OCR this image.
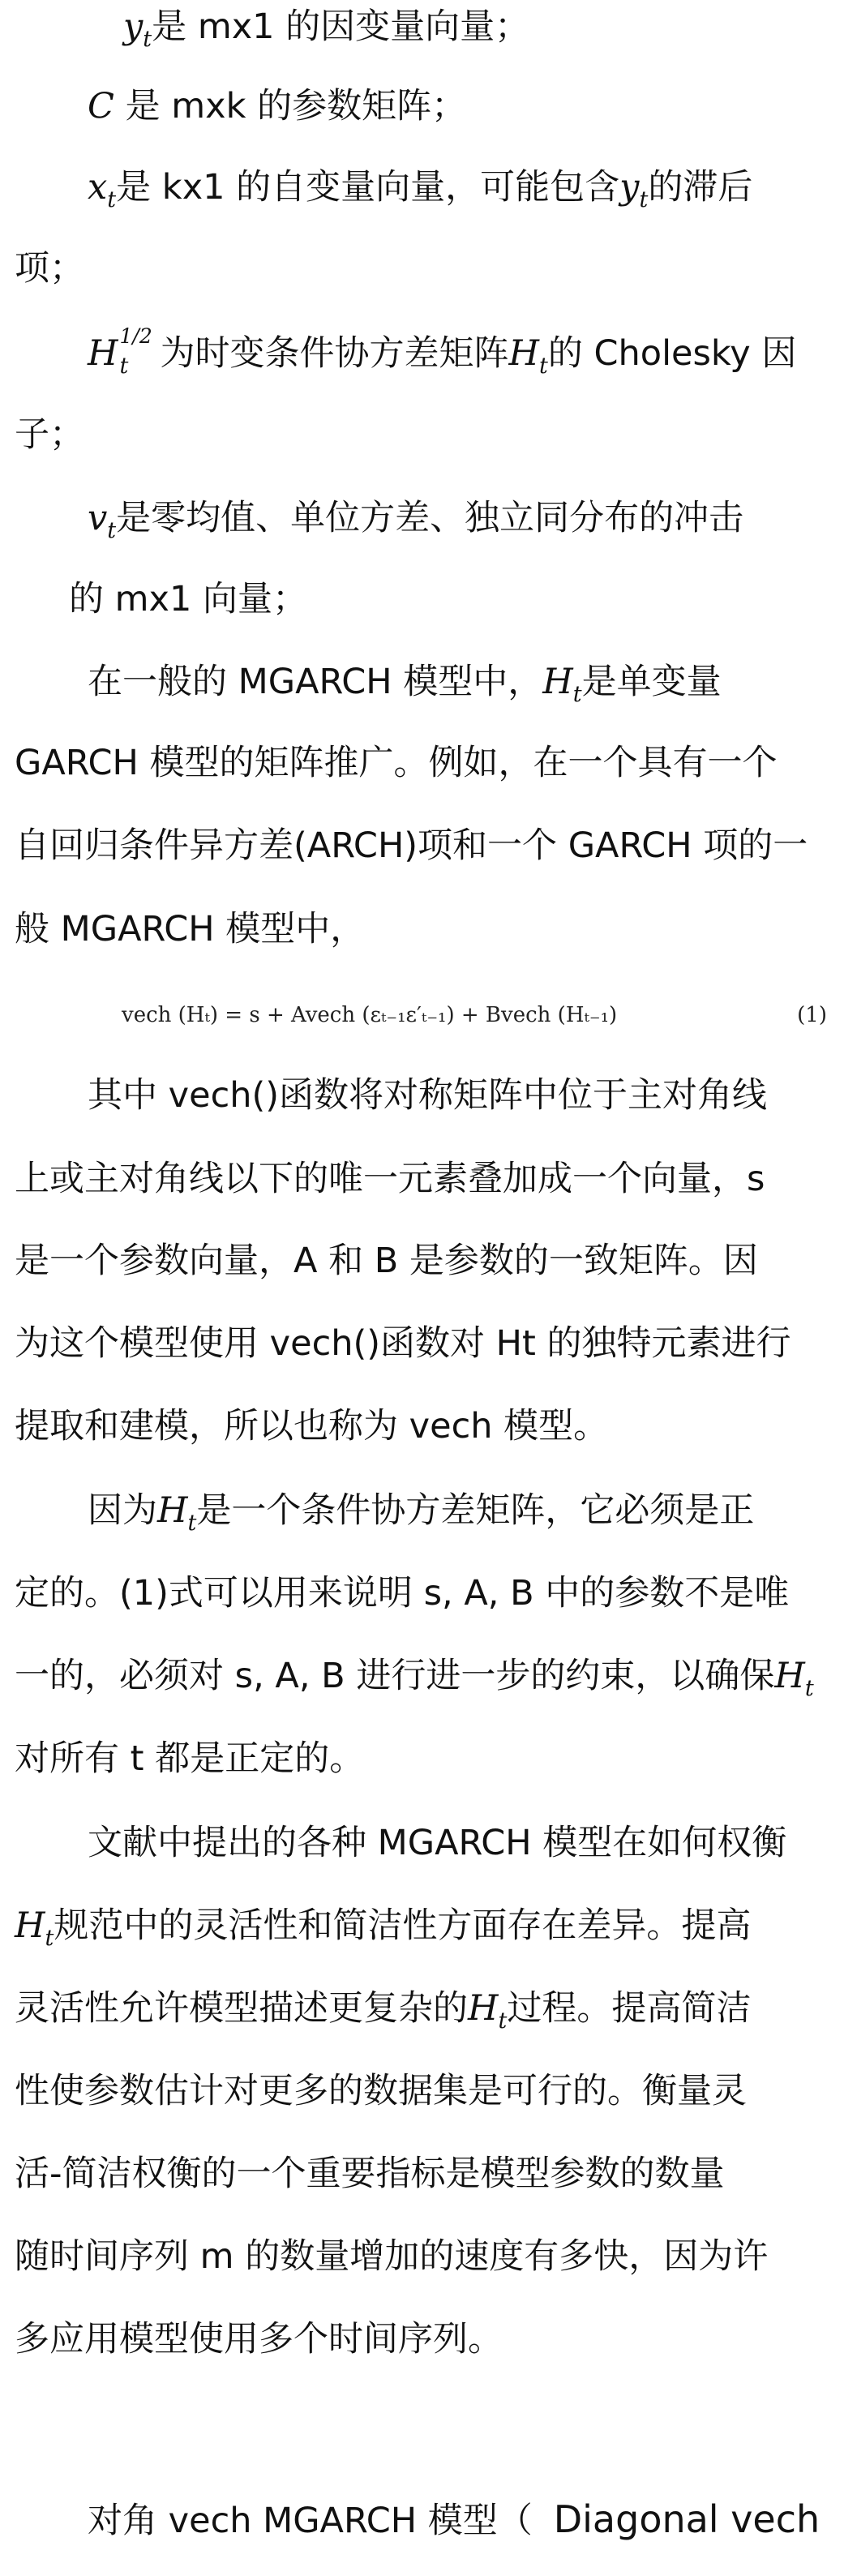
$y_t$是 mx1 的因变量向量；
C 是 mxk 的参数矩阵；
$x_t$是 kx1 的自变量向量，可能包含$y_t$的滞后
项；
H 1/2
t 为时变条件协方差矩阵$H_t$的 Cholesky 因
子；
$v_t$是零均值、单位方差、独立同分布的冲击
的 mx1 向量；
在一般的 MGARCH 模型中，$H_t$是单变量
GARCH 模型的矩阵推广。例如，在一个具有一个
自回归条件异方差(ARCH)项和一个 GARCH 项的一
般 MGARCH 模型中，
vech (Hₜ) = s + Avech (εₜ₋₁ε′ₜ₋₁) + Bvech (Hₜ₋₁)	(1)
其中 vech()函数将对称矩阵中位于主对角线
上或主对角线以下的唯一元素叠加成一个向量，s
是一个参数向量，A 和 B 是参数的一致矩阵。因
为这个模型使用 vech()函数对 Ht 的独特元素进行
提取和建模，所以也称为 vech 模型。
因为$H_t$是一个条件协方差矩阵，它必须是正
定的。(1)式可以用来说明 s, A, B 中的参数不是唯
一的，必须对 s, A, B 进行进一步的约束，以确保$H_t$
对所有 t 都是正定的。
文献中提出的各种 MGARCH 模型在如何权衡
$H_t$规范中的灵活性和简洁性方面存在差异。提高
灵活性允许模型描述更复杂的$H_t$过程。提高简洁
性使参数估计对更多的数据集是可行的。衡量灵
活-简洁权衡的一个重要指标是模型参数的数量
随时间序列 m 的数量增加的速度有多快，因为许
多应用模型使用多个时间序列。
对角 vech MGARCH 模型（ Diagonal vech
